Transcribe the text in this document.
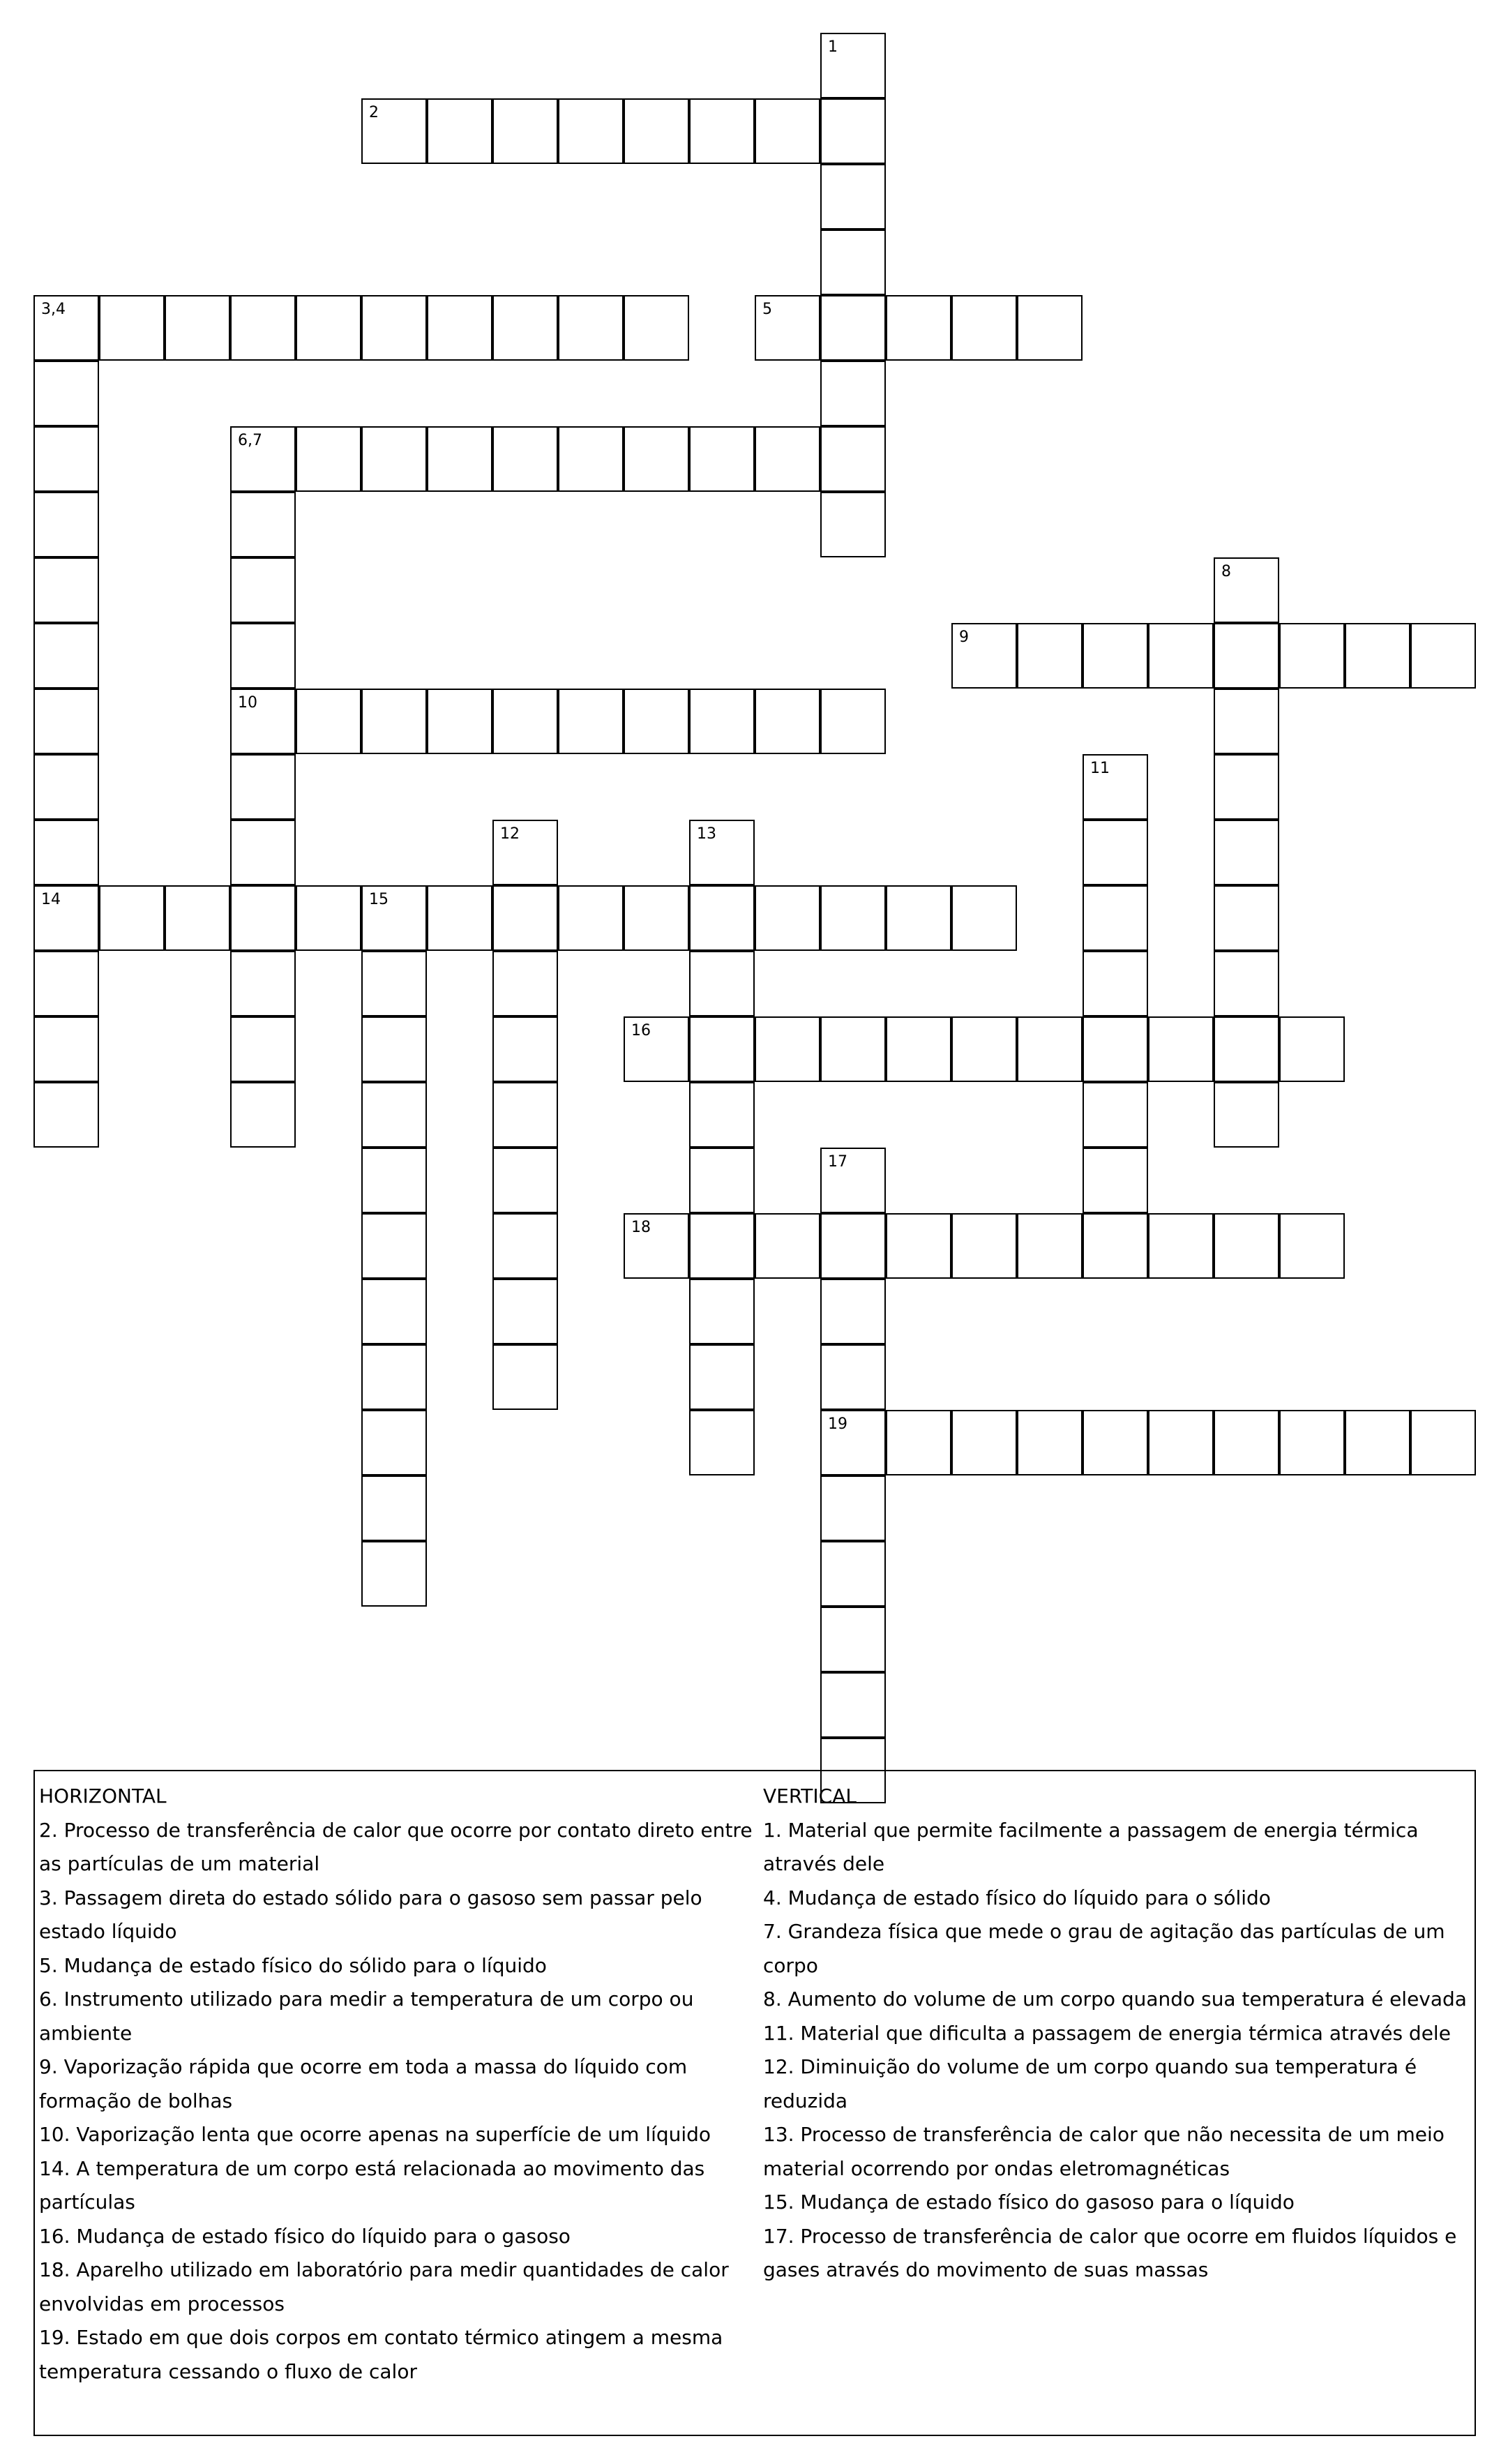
1
2
3,4
14
5
6,7
10
8
9
11
12	13
15
16
17
19
18
HORIZONTAL
2. Processo de transferência de calor que ocorre por contato direto entre as partículas de um material
3. Passagem direta do estado sólido para o gasoso sem passar pelo estado líquido
5. Mudança de estado físico do sólido para o líquido
6. Instrumento utilizado para medir a temperatura de um corpo ou ambiente
9. Vaporização rápida que ocorre em toda a massa do líquido com formação de bolhas
10. Vaporização lenta que ocorre apenas na superfície de um líquido
14. A temperatura de um corpo está relacionada ao movimento das partículas
16. Mudança de estado físico do líquido para o gasoso
18. Aparelho utilizado em laboratório para medir quantidades de calor envolvidas em processos
19. Estado em que dois corpos em contato térmico atingem a mesma temperatura cessando o fluxo de calor
VERTICAL
1. Material que permite facilmente a passagem de energia térmica através dele
4. Mudança de estado físico do líquido para o sólido
7. Grandeza física que mede o grau de agitação das partículas de um corpo
8. Aumento do volume de um corpo quando sua temperatura é elevada
11. Material que dificulta a passagem de energia térmica através dele
12. Diminuição do volume de um corpo quando sua temperatura é reduzida
13. Processo de transferência de calor que não necessita de um meio material ocorrendo por ondas eletromagnéticas
15. Mudança de estado físico do gasoso para o líquido
17. Processo de transferência de calor que ocorre em fluidos líquidos e gases através do movimento de suas massas
